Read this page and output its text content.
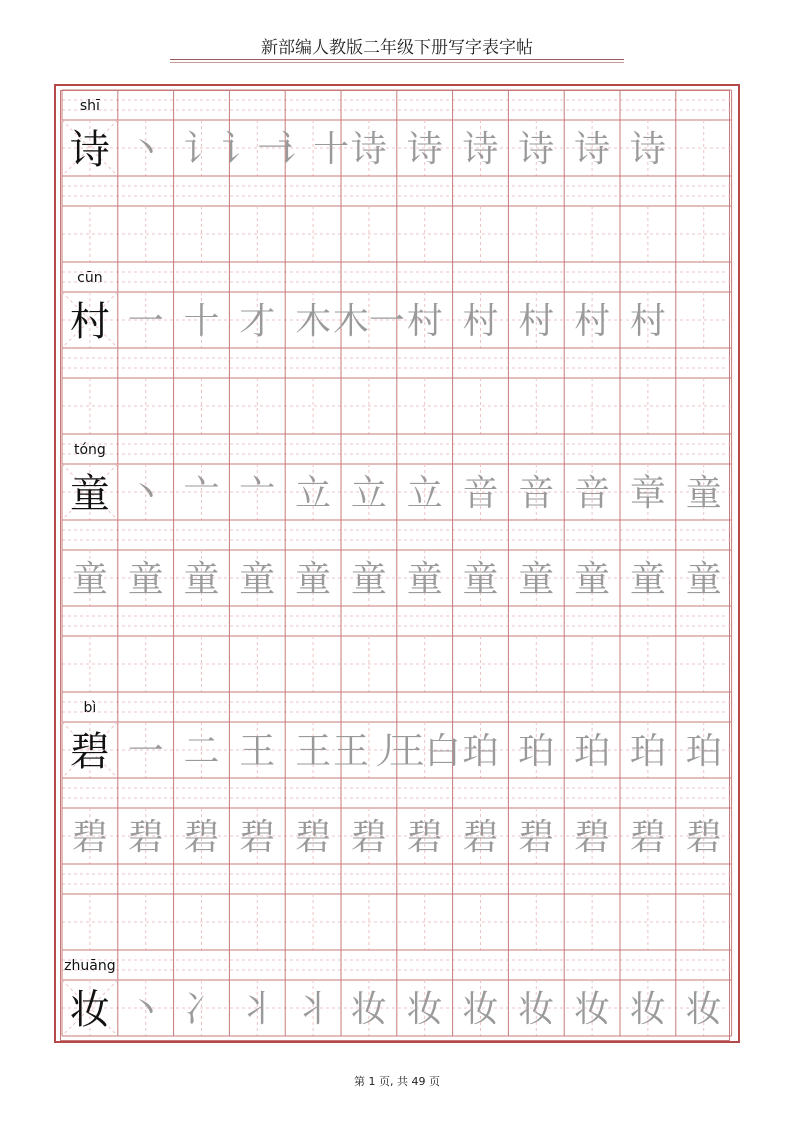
新部编人教版二年级下册写字表字帖
shī
诗 丶 讠 讠一
讠十 诗 诗 诗 诗 诗 诗
cūn
村 一 十 才 木 木一 村 村 村 村 村
tóng
童 丶 亠 亠 立 立 立 音 音 音 章 童
童 童 童 童 童 童 童 童 童 童 童 童
bì
碧 一 二 王 王 王丿
王白 珀 珀 珀 珀 珀
碧 碧 碧 碧 碧 碧 碧 碧 碧 碧 碧 碧
zhuāng
妆 丶 冫 丬 丬 妆 妆 妆 妆 妆 妆 妆
第 1 页, 共 49 页
